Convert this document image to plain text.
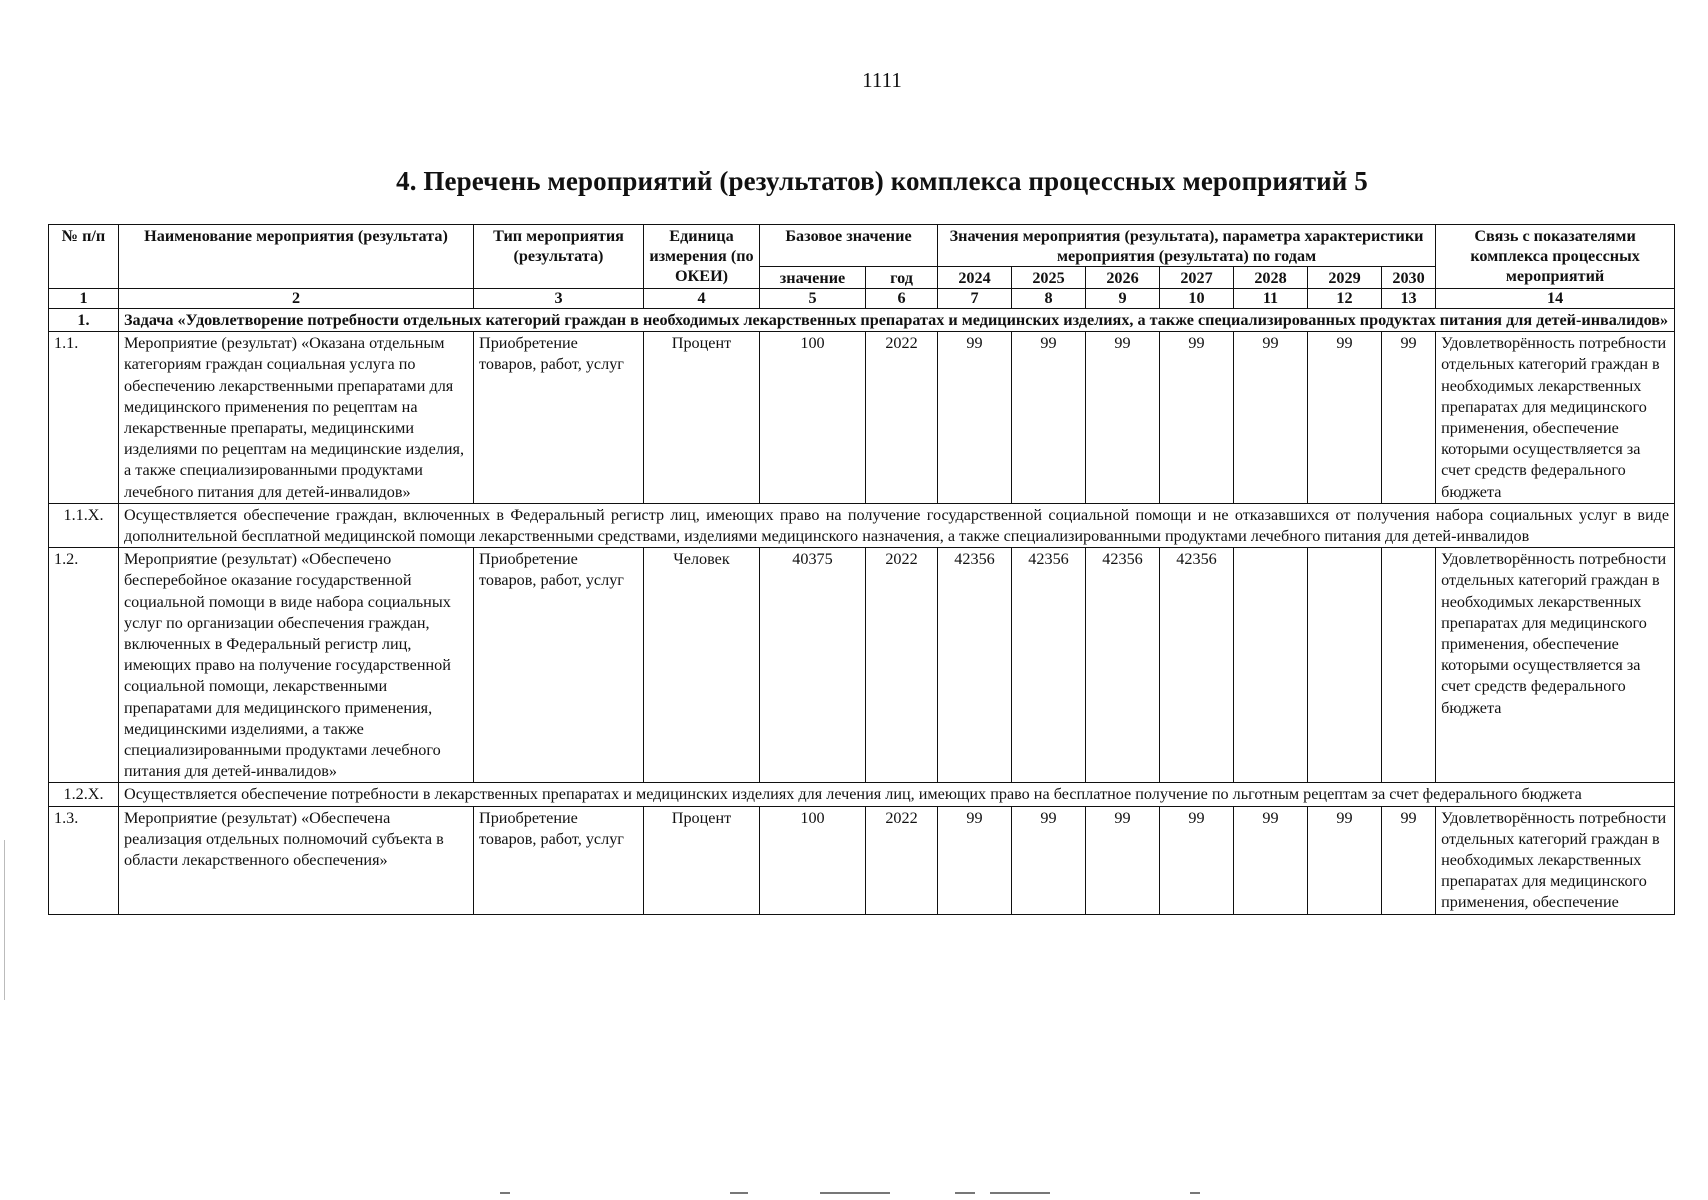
1111
4. Перечень мероприятий (результатов) комплекса процессных мероприятий 5
№ п/п	Наименование мероприятия (результата)	Тип мероприятия (результата)	Единица измерения (по ОКЕИ)	Базовое значение		Значения мероприятия (результата), параметра характеристики мероприятия (результата) по годам							Связь с показателями комплекса процессных мероприятий
				значение	год	2024	2025	2026	2027	2028	2029	2030	
1	2	3	4	5	6	7	8	9	10	11	12	13	14
1.	Задача «Удовлетворение потребности отдельных категорий граждан в необходимых лекарственных препаратах и медицинских изделиях, а также специализированных продуктах питания для детей-инвалидов»												
1.1.	Мероприятие (результат) «Оказана отдельным категориям граждан социальная услуга по обеспечению лекарственными препаратами для медицинского применения по рецептам на лекарственные препараты, медицинскими изделиями по рецептам на медицинские изделия, а также специализированными продуктами лечебного питания для детей-инвалидов»	Приобретение товаров, работ, услуг	Процент	100	2022	99	99	99	99	99	99	99	Удовлетворённость потребности отдельных категорий граждан в необходимых лекарственных препаратах для медицинского применения, обеспечение которыми осуществляется за счет средств федерального бюджета
1.1.X.	Осуществляется обеспечение граждан, включенных в Федеральный регистр лиц, имеющих право на получение государственной социальной помощи и не отказавшихся от получения набора социальных услуг в виде дополнительной бесплатной медицинской помощи лекарственными средствами, изделиями медицинского назначения, а также специализированными продуктами лечебного питания для детей-инвалидов												
1.2.	Мероприятие (результат) «Обеспечено бесперебойное оказание государственной социальной помощи в виде набора социальных услуг по организации обеспечения граждан, включенных в Федеральный регистр лиц, имеющих право на получение государственной социальной помощи, лекарственными препаратами для медицинского применения, медицинскими изделиями, а также специализированными продуктами лечебного питания для детей-инвалидов»	Приобретение товаров, работ, услуг	Человек	40375	2022	42356	42356	42356	42356				Удовлетворённость потребности отдельных категорий граждан в необходимых лекарственных препаратах для медицинского применения, обеспечение которыми осуществляется за счет средств федерального бюджета
1.2.X.	Осуществляется обеспечение потребности в лекарственных препаратах и медицинских изделиях для лечения лиц, имеющих право на бесплатное получение по льготным рецептам за счет федерального бюджета												
1.3.	Мероприятие (результат) «Обеспечена реализация отдельных полномочий субъекта в области лекарственного обеспечения»	Приобретение товаров, работ, услуг	Процент	100	2022	99	99	99	99	99	99	99	Удовлетворённость потребности отдельных категорий граждан в необходимых лекарственных препаратах для медицинского применения, обеспечение
